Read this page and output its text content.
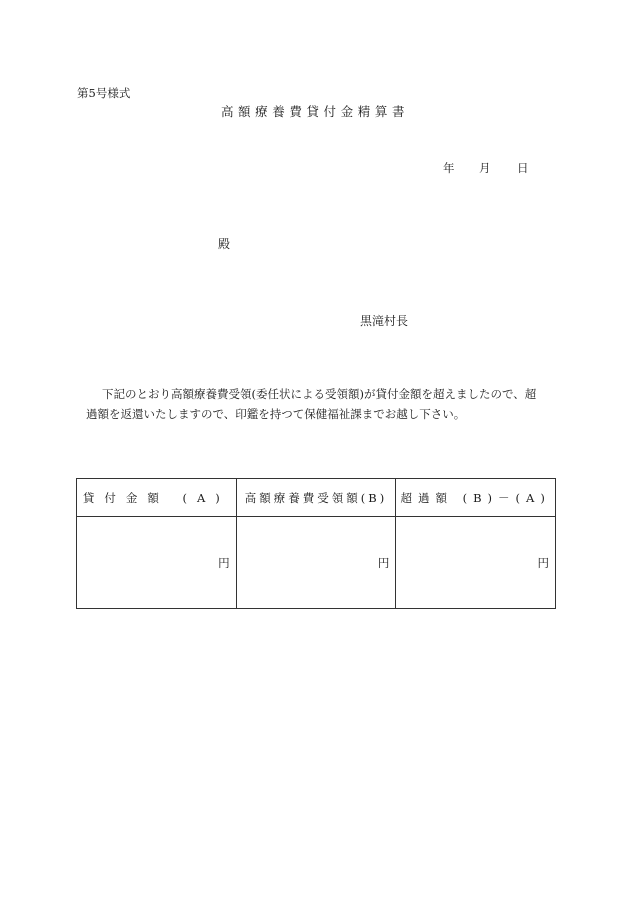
第5号様式
高額療養費貸付金精算書
年 月 日
殿
黒滝村長

下記のとおり高額療養費受領(委任状による受領額)が貸付金額を超えましたので、超

過額を返還いたしますので、印鑑を持つて保健福祉課までお越し下さい。

貸付金額 (A)	高額療養費受領額(B)	超過額 (B)－(A)
円	円	円
